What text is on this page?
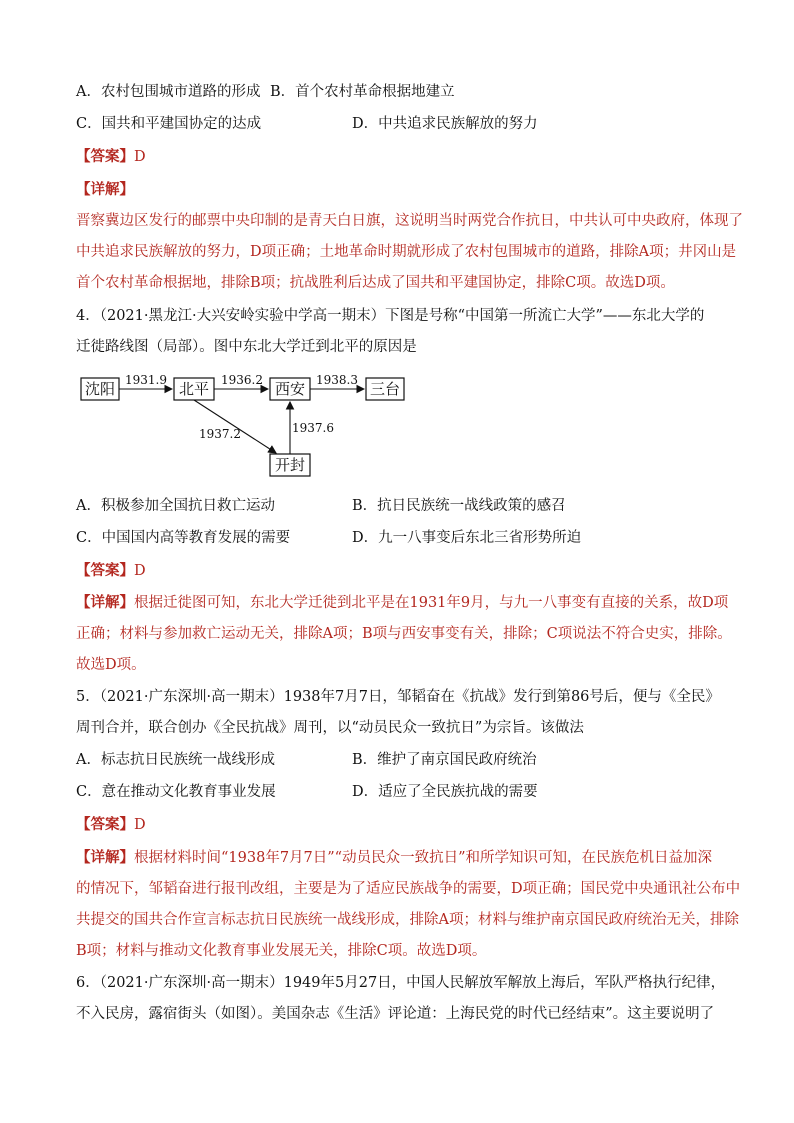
A．农村包围城市道路的形成 B．首个农村革命根据地建立
C．国共和平建国协定的达成	D．中共追求民族解放的努力
【答案】D
【详解】
晋察冀边区发行的邮票中央印制的是青天白日旗，这说明当时两党合作抗日，中共认可中央政府，体现了
中共追求民族解放的努力，D项正确；土地革命时期就形成了农村包围城市的道路，排除A项；井冈山是
首个农村革命根据地，排除B项；抗战胜利后达成了国共和平建国协定，排除C项。故选D项。
4．（2021·黑龙江·大兴安岭实验中学高一期末）下图是号称“中国第一所流亡大学”——东北大学的
迁徙路线图（局部）。图中东北大学迁到北平的原因是
沈阳	北平	西安	三台
开封
1931.9	1936.2	1938.3
1937.2	1937.6
A．积极参加全国抗日救亡运动	B．抗日民族统一战线政策的感召
C．中国国内高等教育发展的需要	D．九一八事变后东北三省形势所迫
【答案】D
【详解】根据迁徙图可知，东北大学迁徙到北平是在1931年9月，与九一八事变有直接的关系，故D项
正确；材料与参加救亡运动无关，排除A项；B项与西安事变有关，排除；C项说法不符合史实，排除。
故选D项。
5．（2021·广东深圳·高一期末）1938年7月7日，邹韬奋在《抗战》发行到第86号后，便与《全民》
周刊合并，联合创办《全民抗战》周刊，以“动员民众一致抗日”为宗旨。该做法
A．标志抗日民族统一战线形成	B．维护了南京国民政府统治
C．意在推动文化教育事业发展	D．适应了全民族抗战的需要
【答案】D
【详解】根据材料时间“1938年7月7日”“动员民众一致抗日”和所学知识可知，在民族危机日益加深
的情况下，邹韬奋进行报刊改组，主要是为了适应民族战争的需要，D项正确；国民党中央通讯社公布中
共提交的国共合作宣言标志抗日民族统一战线形成，排除A项；材料与维护南京国民政府统治无关，排除
B项；材料与推动文化教育事业发展无关，排除C项。故选D项。
6．（2021·广东深圳·高一期末）1949年5月27日，中国人民解放军解放上海后，军队严格执行纪律，
不入民房，露宿街头（如图）。美国杂志《生活》评论道：上海民党的时代已经结束”。这主要说明了
